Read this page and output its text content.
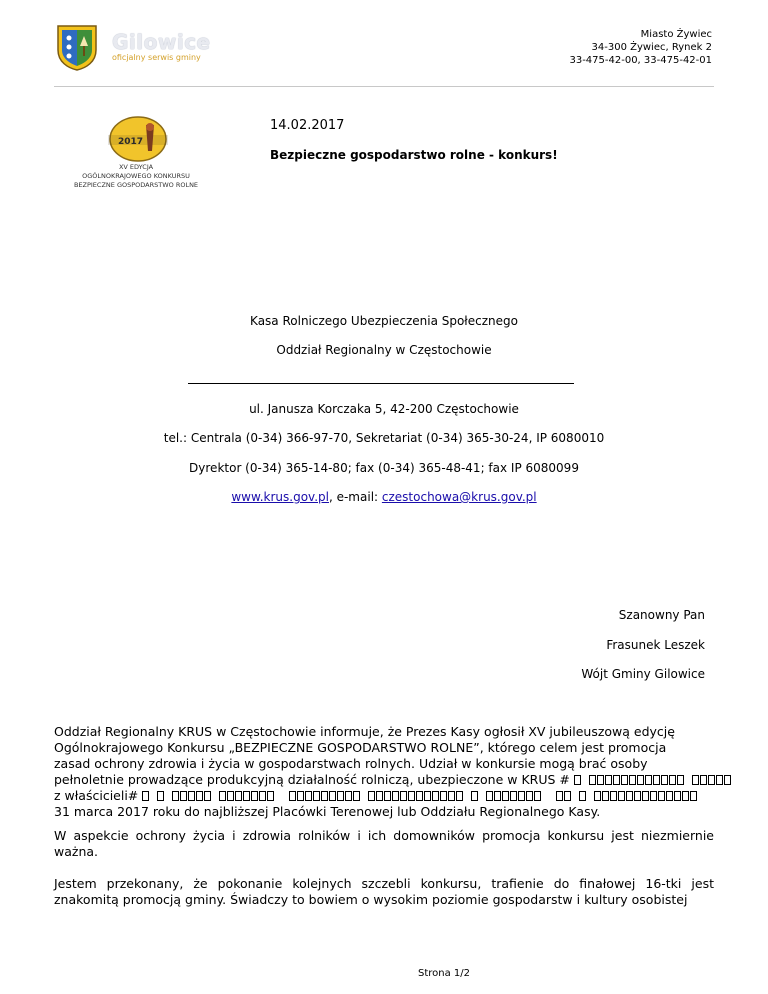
Gilowice
oficjalny serwis gminy
Miasto Żywiec
34-300 Żywiec, Rynek 2
33-475-42-00, 33-475-42-01
2017
XV EDYCJA
OGÓLNOKRAJOWEGO KONKURSU
BEZPIECZNE GOSPODARSTWO ROLNE
14.02.2017
Bezpieczne gospodarstwo rolne - konkurs!
Kasa Rolniczego Ubezpieczenia Społecznego
Oddział Regionalny w Częstochowie
ul. Janusza Korczaka 5, 42-200 Częstochowie
tel.: Centrala (0-34) 366-97-70, Sekretariat (0-34) 365-30-24, IP 6080010
Dyrektor (0-34) 365-14-80; fax (0-34) 365-48-41; fax IP 6080099
www.krus.gov.pl, e-mail: czestochowa@krus.gov.pl
Szanowny Pan
Frasunek Leszek
Wójt Gminy Gilowice
Oddział Regionalny KRUS w Częstochowie informuje, że Prezes Kasy ogłosił XV jubileuszową edycję
Ogólnokrajowego Konkursu „BEZPIECZNE GOSPODARSTWO ROLNE”, którego celem jest promocja
zasad ochrony zdrowia i życia w gospodarstwach rolnych. Udział w konkursie mogą brać osoby
pełnoletnie prowadzące produkcyjną działalność rolniczą, ubezpieczone w KRUS #
z właścicieli#
31 marca 2017 roku do najbliższej Placówki Terenowej lub Oddziału Regionalnego Kasy.
W aspekcie ochrony życia i zdrowia rolników i ich domowników promocja konkursu jest niezmiernie ważna.
Jestem przekonany, że pokonanie kolejnych szczebli konkursu, trafienie do finałowej 16-tki jest znakomitą promocją gminy. Świadczy to bowiem o wysokim poziomie gospodarstw i kultury osobistej
Strona 1/2
